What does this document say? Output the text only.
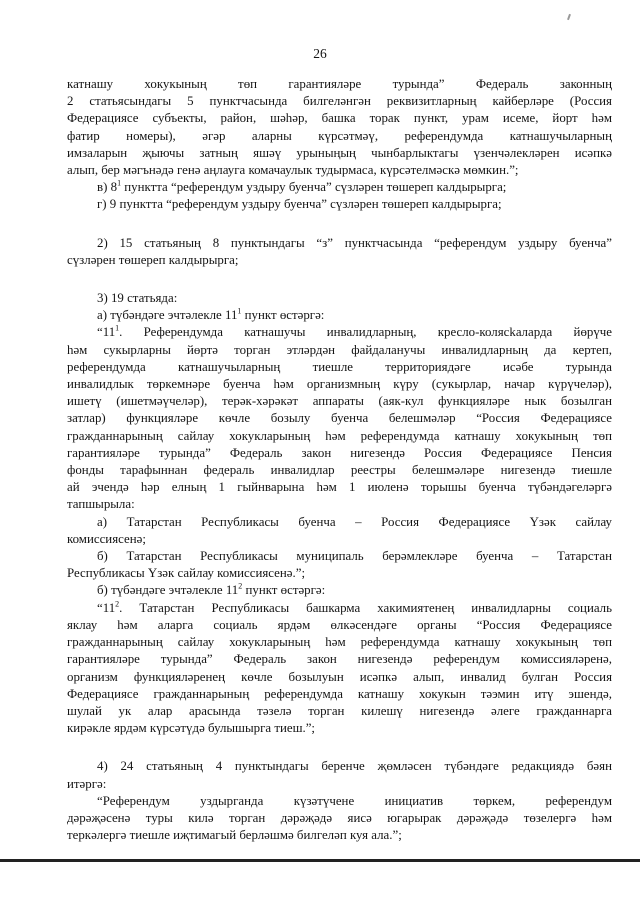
26

катнашу хокукының төп гарантияләре турында” Федераль законның

2 статьясындагы 5 пунктчасында билгеләнгән реквизитларның кайберләре (Россия

Федерациясе субъекты, район, шәһәр, башка торак пункт, урам исеме, йорт һәм

фатир номеры), әгәр аларны күрсәтмәү, референдумда катнашучыларның

имзаларын җыючы затның яшәү урыныңың чынбарлыктагы үзенчәлекләрен исәпкә

алып, бер мәгънәдә генә аңлауга комачаулык тудырмаса, күрсәтелмәскә мөмкин.”;

в) $8^1$ пунктта “референдум уздыру буенча” сүзләрен төшереп калдырырга;

г) 9 пунктта “референдум уздыру буенча” сүзләрен төшереп калдырырга;

2) 15 статьяның 8 пунктындагы “з” пунктчасында “референдум уздыру буенча”

сүзләрен төшереп калдырырга;

3) 19 статьяда:

а) түбәндәге эчтәлекле $11^1$ пункт өстәргә:

“$11^1$. Референдумда катнашучы инвалидларның, кресло-колясkaларда йөрүче

һәм сукырларны йөртә торган этләрдән файдаланучы инвалидларның да кертеп,

референдумда катнашучыларның тиешле территориядәге исәбе турында

инвалидлык төркемнәре буенча һәм организмның күру (сукырлар, начар күрүчеләр),

ишетү (ишетмәүчеләр), терәк-хәрәкәт аппараты (аяк-кул функцияләре нык бозылган

затлар) функцияләре көчле бозылу буенча белешмәләр “Россия Федерациясе

гражданнарының сайлау хокукларының һәм референдумда катнашу хокукының төп

гарантияләре турында” Федераль закон нигезендә Россия Федерациясе Пенсия

фонды тарафыннан федераль инвалидлар реестры белешмәләре нигезендә тиешле

ай эчендә һәр елның 1 гыйнварына һәм 1 июленә торышы буенча түбәндәгеләргә

тапшырыла:

а) Татарстан Республикасы буенча – Россия Федерациясе Үзәк сайлау

комиссиясенә;

б) Татарстан Республикасы муниципаль берәмлекләре буенча – Татарстан

Республикасы Үзәк сайлау комиссиясенә.”;

б) түбәндәге эчтәлекле $11^2$ пункт өстәргә:

“$11^2$. Татарстан Республикасы башкарма хакимиятенең инвалидларны социаль

яклау һәм аларга социаль ярдәм өлкәсендәге органы “Россия Федерациясе

гражданнарының сайлау хокукларының һәм референдумда катнашу хокукының төп

гарантияләре турында” Федераль закон нигезендә референдум комиссияләренә,

организм функцияләренең көчле бозылуын исәпкә алып, инвалид булган Россия

Федерациясе гражданнарының референдумда катнашу хокукын тәэмин итү эшендә,

шулай ук алар арасында тәзелә торган килешү нигезендә әлеге гражданнарга

кирәкле ярдәм күрсәтүдә булышырга тиеш.”;

4) 24 статьяның 4 пунктындагы беренче җөмләсен түбәндәге редакциядә бәян

итәргә:

“Референдум уздырганда күзәтүчене инициатив төркем, референдум

дәрәҗәсенә туры килә торган дәрәҗәдә яисә югарырак дәрәҗәдә төзелергә һәм

теркәлергә тиешле иҗтимагый берләшмә билгеләп куя ала.”;
